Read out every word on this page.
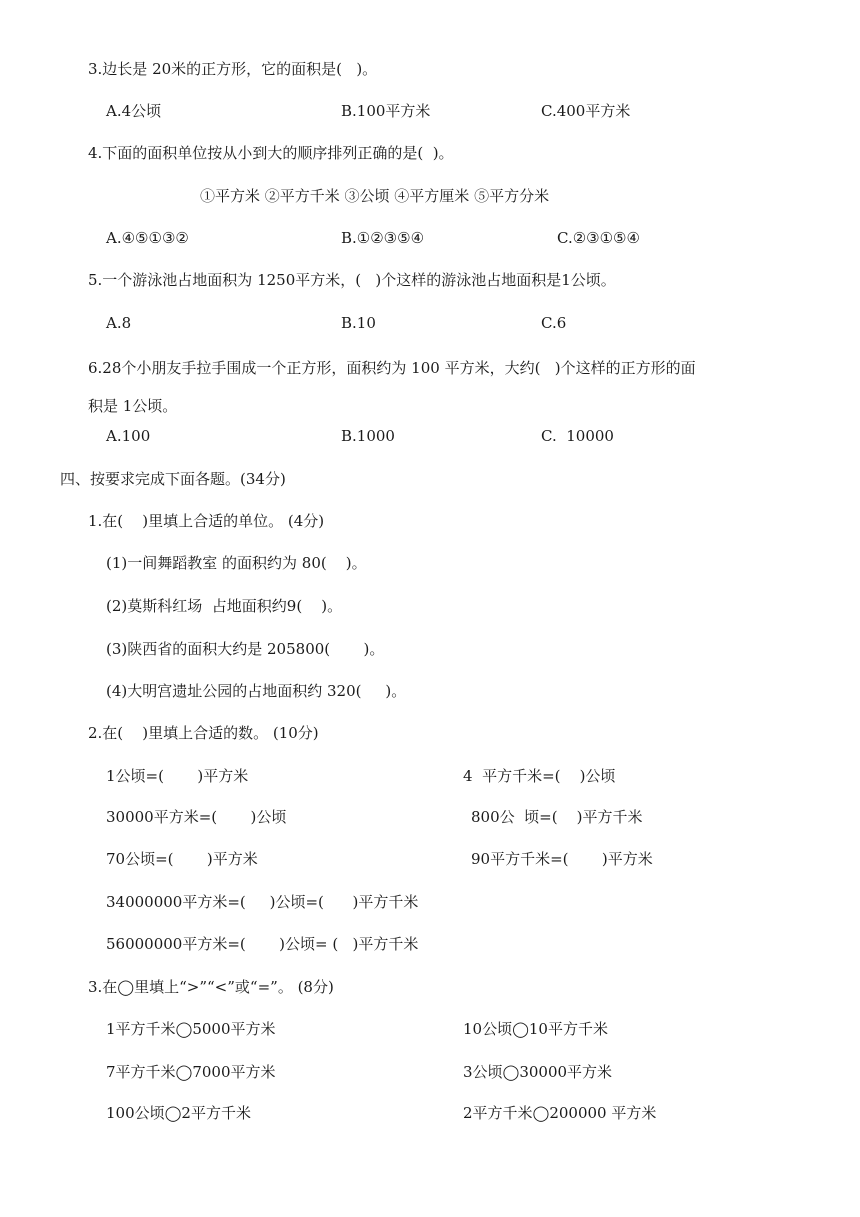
3.边长是 20米的正方形，它的面积是(   )。
A.4公顷	B.100平方米	C.400平方米
4.下面的面积单位按从小到大的顺序排列正确的是(  )。
①平方米 ②平方千米 ③公顷 ④平方厘米 ⑤平方分米
A.④⑤①③②	B.①②③⑤④	C.②③①⑤④
5.一个游泳池占地面积为 1250平方米，(   )个这样的游泳池占地面积是1公顷。
A.8	B.10	C.6
6.28个小朋友手拉手围成一个正方形，面积约为 100 平方米，大约(   )个这样的正方形的面
积是 1公顷。
A.100	B.1000	C.  10000
四、按要求完成下面各题。(34分)
1.在(    )里填上合适的单位。 (4分)
(1)一间舞蹈教室 的面积约为 80(    )。
(2)莫斯科红场  占地面积约9(    )。
(3)陕西省的面积大约是 205800(       )。
(4)大明宫遗址公园的占地面积约 320(     )。
2.在(    )里填上合适的数。 (10分)
1公顷=(       )平方米	4  平方千米=(    )公顷
30000平方米=(       )公顷	800公  顷=(    )平方千米
70公顷=(       )平方米	90平方千米=(       )平方米
34000000平方米=(     )公顷=(      )平方千米
56000000平方米=(       )公顷= (   )平方千米
3.在◯里填上“>”“<”或“=”。 (8分)
1平方千米◯5000平方米	10公顷◯10平方千米
7平方千米◯7000平方米	3公顷◯30000平方米
100公顷◯2平方千米	2平方千米◯200000 平方米
